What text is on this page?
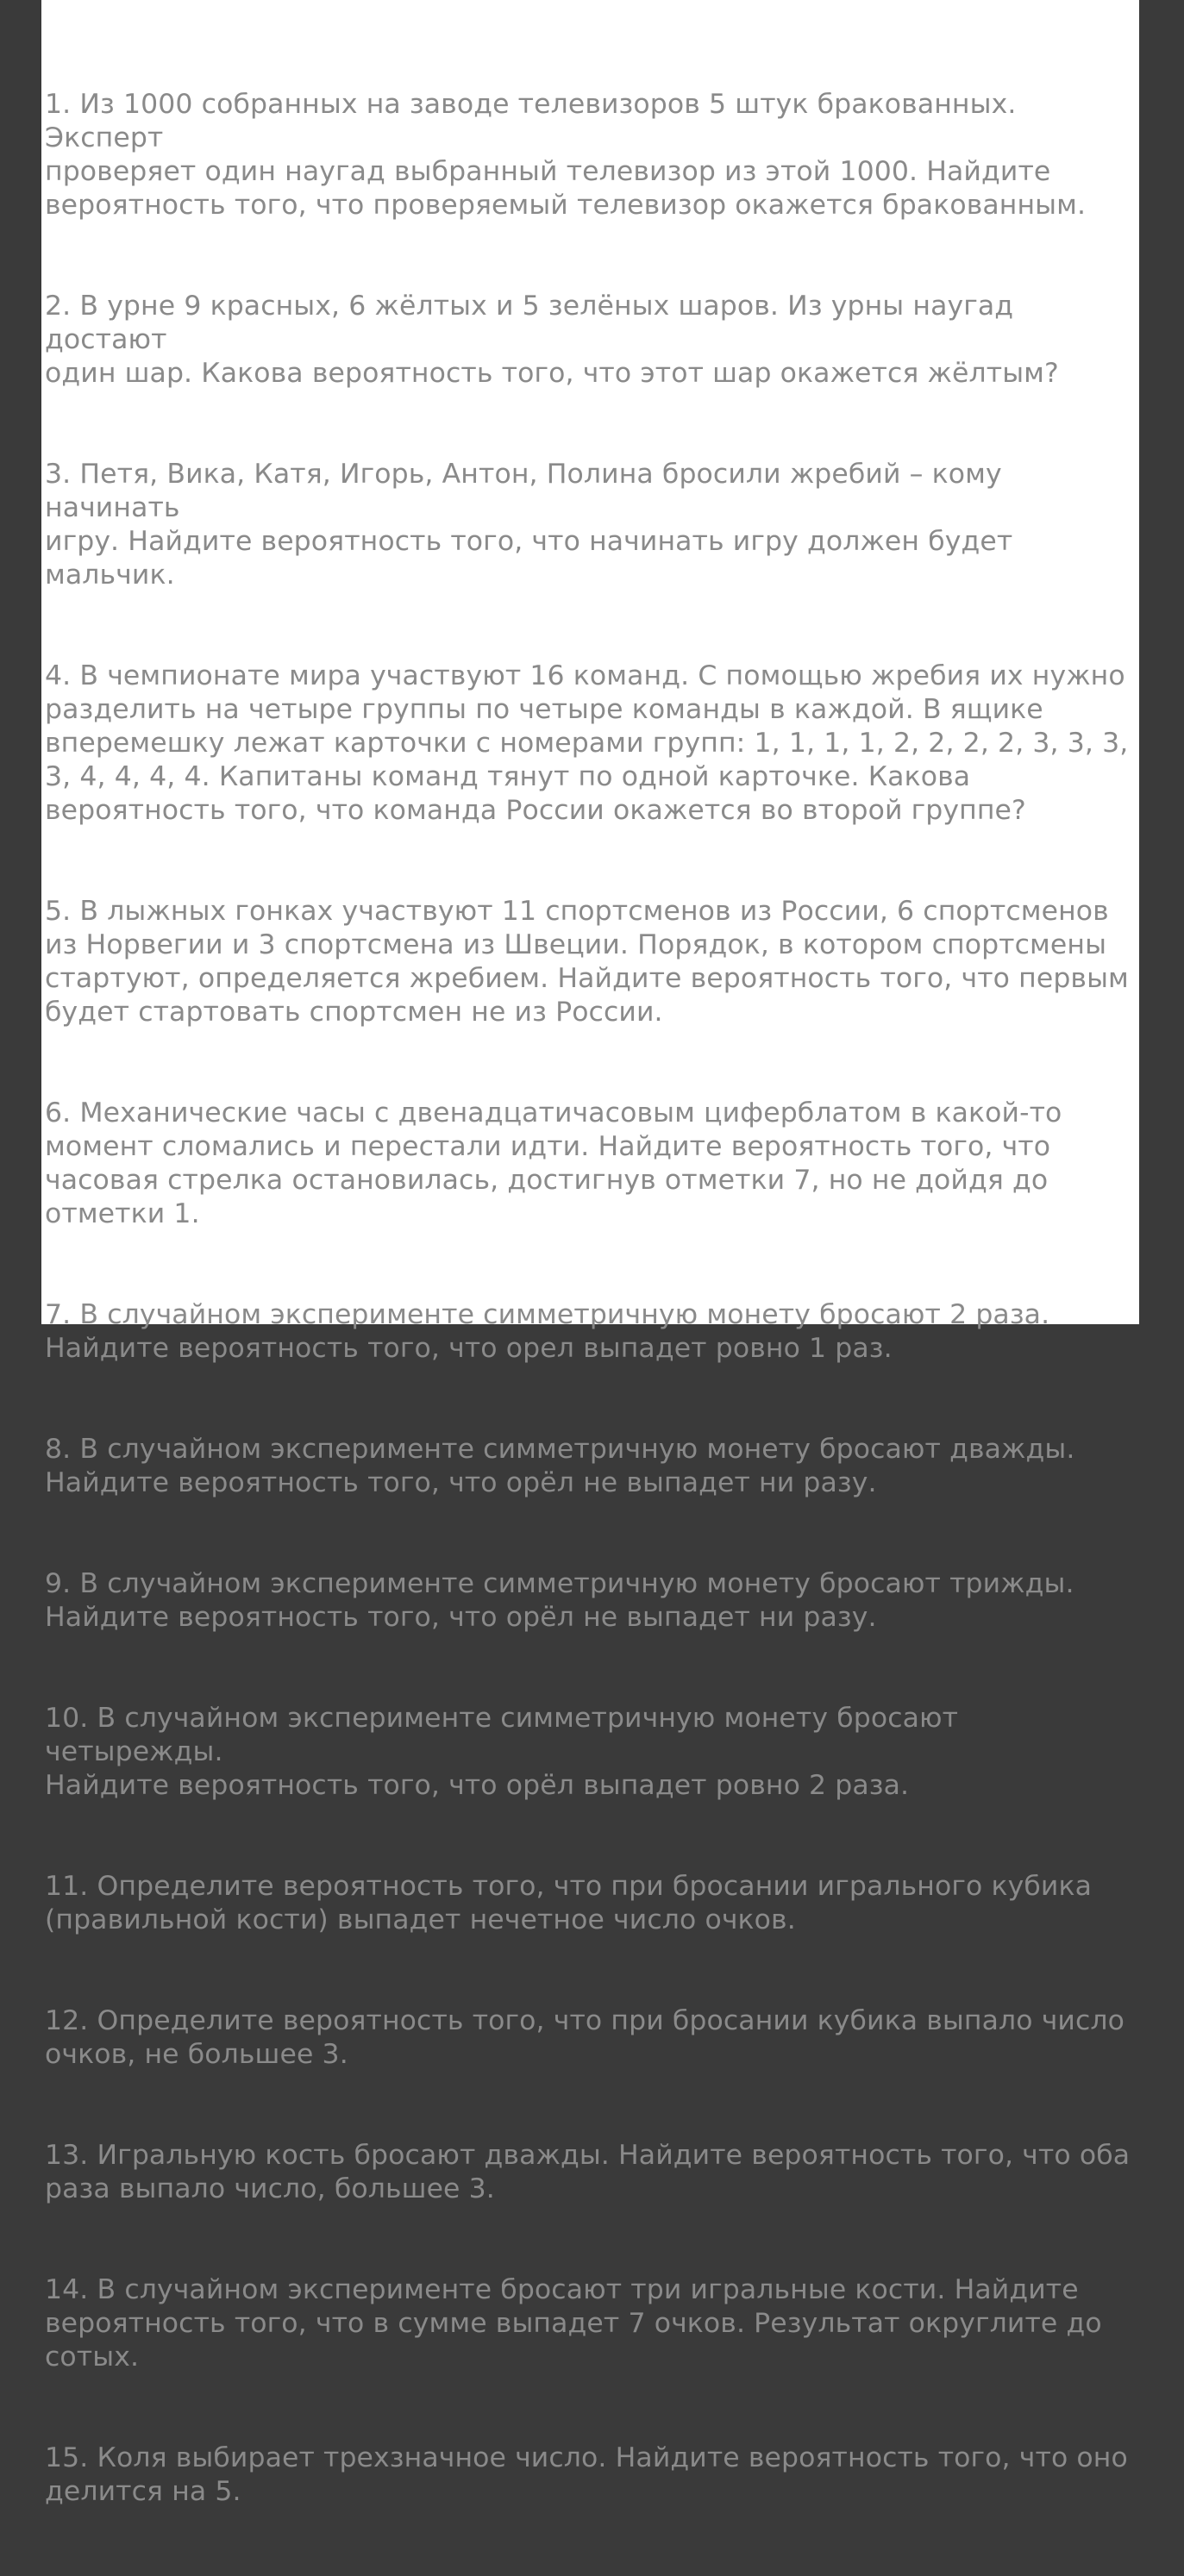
1. Из 1000 собранных на заводе телевизоров 5 штук бракованных. Эксперт
проверяет один наугад выбранный телевизор из этой 1000. Найдите
вероятность того, что проверяемый телевизор окажется бракованным.

2. В урне 9 красных, 6 жёлтых и 5 зелёных шаров. Из урны наугад достают
один шар. Какова вероятность того, что этот шар окажется жёлтым?

3. Петя, Вика, Катя, Игорь, Антон, Полина бросили жребий – кому начинать
игру. Найдите вероятность того, что начинать игру должен будет мальчик.

4. В чемпионате мира участвуют 16 команд. С помощью жребия их нужно
разделить на четыре группы по четыре команды в каждой. В ящике
вперемешку лежат карточки с номерами групп: 1, 1, 1, 1, 2, 2, 2, 2, 3, 3, 3,
3, 4, 4, 4, 4. Капитаны команд тянут по одной карточке. Какова
вероятность того, что команда России окажется во второй группе?

5. В лыжных гонках участвуют 11 спортсменов из России, 6 спортсменов
из Норвегии и 3 спортсмена из Швеции. Порядок, в котором спортсмены
стартуют, определяется жребием. Найдите вероятность того, что первым
будет стартовать спортсмен не из России.

6. Механические часы с двенадцатичасовым циферблатом в какой-то
момент сломались и перестали идти. Найдите вероятность того, что
часовая стрелка остановилась, достигнув отметки 7, но не дойдя до
отметки 1.

7. В случайном эксперименте симметричную монету бросают 2 раза.
Найдите вероятность того, что орел выпадет ровно 1 раз.

8. В случайном эксперименте симметричную монету бросают дважды.
Найдите вероятность того, что орёл не выпадет ни разу.

9. В случайном эксперименте симметричную монету бросают трижды.
Найдите вероятность того, что орёл не выпадет ни разу.

10. В случайном эксперименте симметричную монету бросают четырежды.
Найдите вероятность того, что орёл выпадет ровно 2 раза.

11. Определите вероятность того, что при бросании игрального кубика
(правильной кости) выпадет нечетное число очков.

12. Определите вероятность того, что при бросании кубика выпало число
очков, не большее 3.

13. Игральную кость бросают дважды. Найдите вероятность того, что оба
раза выпало число, большее 3.

14. В случайном эксперименте бросают три игральные кости. Найдите
вероятность того, что в сумме выпадет 7 очков. Результат округлите до
сотых.

15. Коля выбирает трехзначное число. Найдите вероятность того, что оно
делится на 5.
